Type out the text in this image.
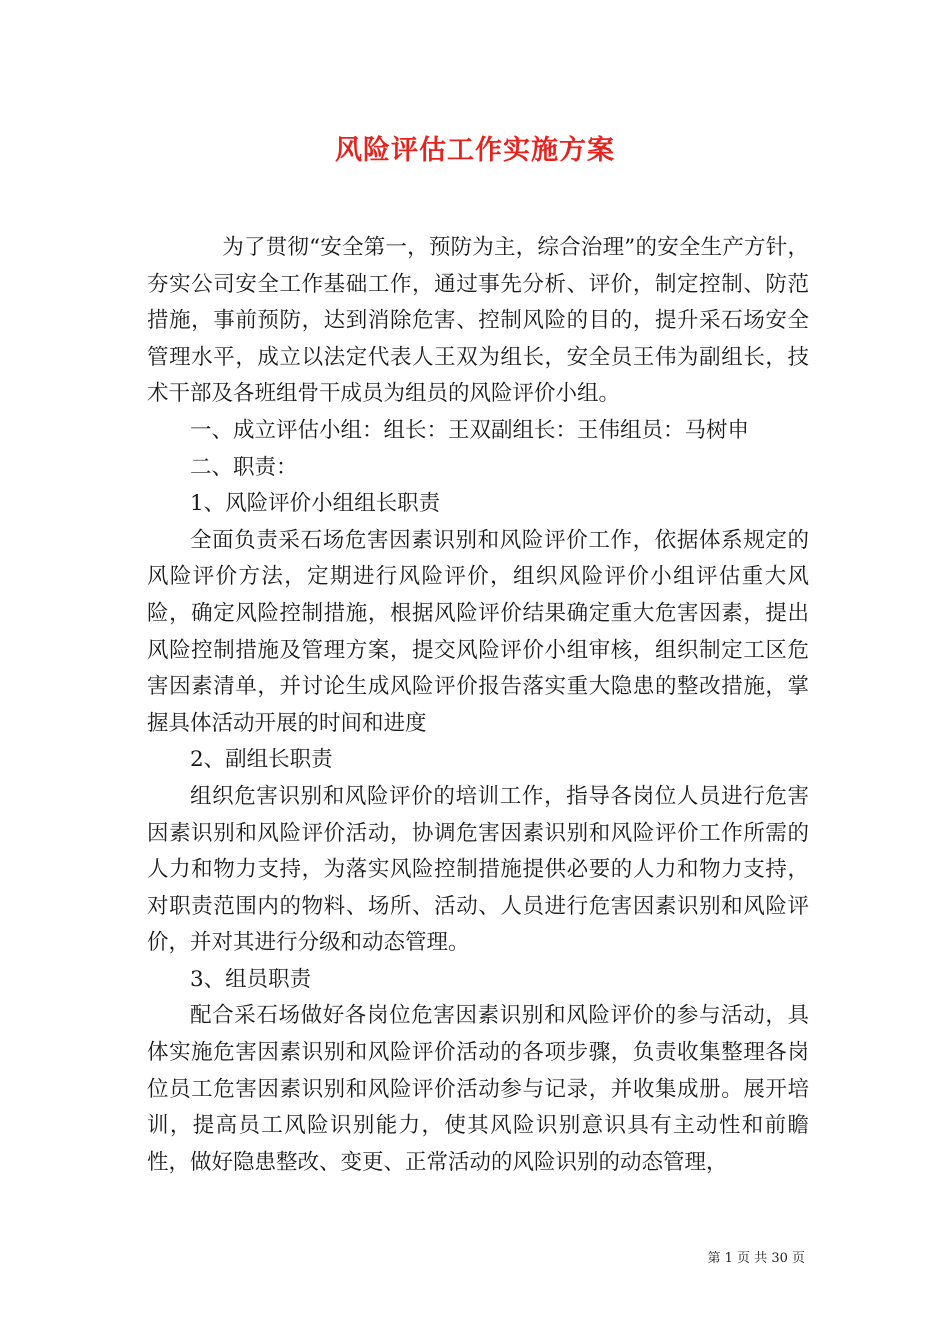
风险评估工作实施方案

为了贯彻“安全第一，预防为主，综合治理”的安全生产方针，夯实公司安全工作基础工作，通过事先分析、评价，制定控制、防范措施，事前预防，达到消除危害、控制风险的目的，提升采石场安全管理水平，成立以法定代表人王双为组长，安全员王伟为副组长，技术干部及各班组骨干成员为组员的风险评价小组。

一、成立评估小组：组长：王双副组长：王伟组员：马树申

二、职责：

1、风险评价小组组长职责

全面负责采石场危害因素识别和风险评价工作，依据体系规定的风险评价方法，定期进行风险评价，组织风险评价小组评估重大风险，确定风险控制措施，根据风险评价结果确定重大危害因素，提出风险控制措施及管理方案，提交风险评价小组审核，组织制定工区危害因素清单，并讨论生成风险评价报告落实重大隐患的整改措施，掌握具体活动开展的时间和进度

2、副组长职责

组织危害识别和风险评价的培训工作，指导各岗位人员进行危害因素识别和风险评价活动，协调危害因素识别和风险评价工作所需的人力和物力支持，为落实风险控制措施提供必要的人力和物力支持，对职责范围内的物料、场所、活动、人员进行危害因素识别和风险评价，并对其进行分级和动态管理。

3、组员职责

配合采石场做好各岗位危害因素识别和风险评价的参与活动，具体实施危害因素识别和风险评价活动的各项步骤，负责收集整理各岗位员工危害因素识别和风险评价活动参与记录，并收集成册。展开培训，提高员工风险识别能力，使其风险识别意识具有主动性和前瞻性，做好隐患整改、变更、正常活动的风险识别的动态管理，

第 1 页 共 30 页
